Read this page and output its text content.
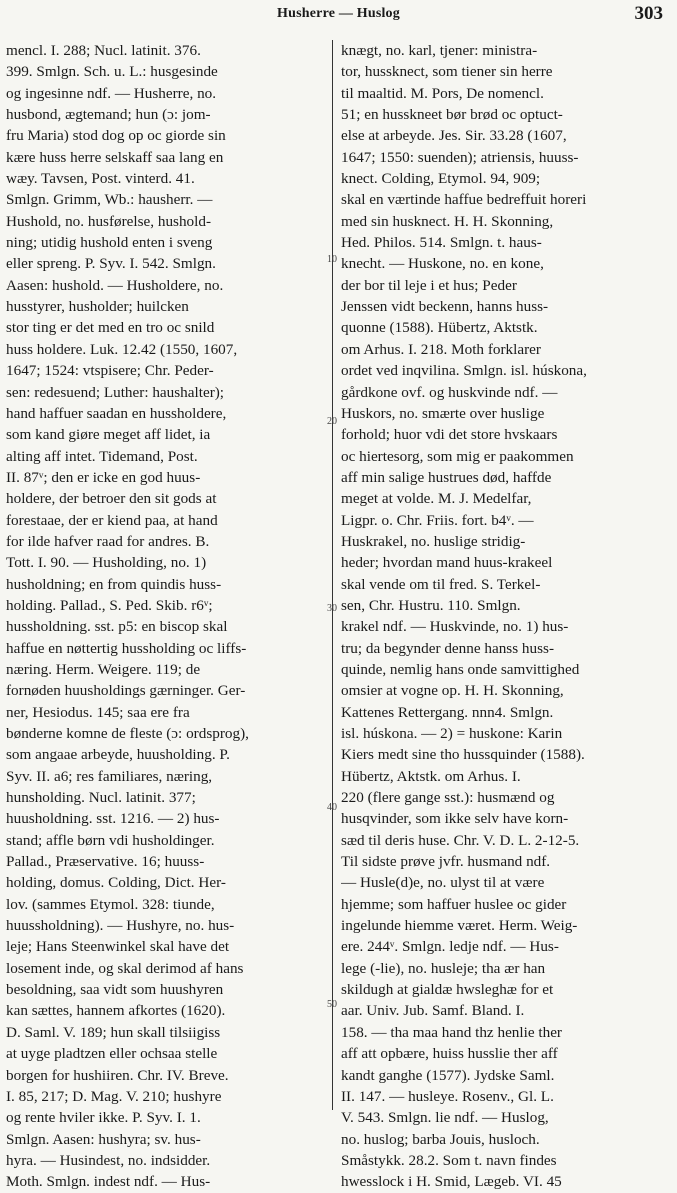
Husherre — Huslog	303
mencl. I. 288; Nucl. latinit. 376.
399. Smlgn. Sch. u. L.: husgesinde
og ingesinne ndf. — Husherre, no.
husbond, ægtemand; hun (ɔ: jom-
fru Maria) stod dog op oc giorde sin
kære huss herre selskaff saa lang en
wæy. Tavsen, Post. vinterd. 41.
Smlgn. Grimm, Wb.: hausherr. —
Hushold, no. husførelse, hushold-
ning; utidig hushold enten i sveng
eller spreng. P. Syv. I. 542. Smlgn.
Aasen: hushold. — Husholdere, no.
husstyrer, husholder; huilcken
stor ting er det med en tro oc snild
huss holdere. Luk. 12.42 (1550, 1607,
1647; 1524: vtspisere; Chr. Peder-
sen: redesuend; Luther: haushalter);
hand haffuer saadan en hussholdere,
som kand giøre meget aff lidet, ia
alting aff intet. Tidemand, Post.
II. 87ᵛ; den er icke en god huus-
holdere, der betroer den sit gods at
forestaae, der er kiend paa, at hand
for ilde hafver raad for andres. B.
Tott. I. 90. — Husholding, no. 1)
husholdning; en from quindis huss-
holding. Pallad., S. Ped. Skib. r6ᵛ;
hussholdning. sst. p5: en biscop skal
haffue en nøttertig hussholding oc liffs-
næring. Herm. Weigere. 119; de
fornøden huusholdings gærninger. Ger-
ner, Hesiodus. 145; saa ere fra
bønderne komne de fleste (ɔ: ordsprog),
som angaae arbeyde, huusholding. P.
Syv. II. a6; res familiares, næring,
hunsholding. Nucl. latinit. 377;
huusholdning. sst. 1216. — 2) hus-
stand; affle børn vdi husholdinger.
Pallad., Præservative. 16; huuss-
holding, domus. Colding, Dict. Her-
lov. (sammes Etymol. 328: tiunde,
huussholdning). — Hushyre, no. hus-
leje; Hans Steenwinkel skal have det
losement inde, og skal derimod af hans
besoldning, saa vidt som huushyren
kan sættes, hannem afkortes (1620).
D. Saml. V. 189; hun skall tilsiigiss
at uyge pladtzen eller ochsaa stelle
borgen for hushiiren. Chr. IV. Breve.
I. 85, 217; D. Mag. V. 210; hushyre
og rente hviler ikke. P. Syv. I. 1.
Smlgn. Aasen: hushyra; sv. hus-
hyra. — Husindest, no. indsidder.
Moth. Smlgn. indest ndf. — Hus-
knægt, no. karl, tjener: ministra-
tor, hussknect, som tiener sin herre
til maaltid. M. Pors, De nomencl.
51; en husskneet bør brød oc optuct-
else at arbeyde. Jes. Sir. 33.28 (1607,
1647; 1550: suenden); atriensis, huuss-
knect. Colding, Etymol. 94, 909;
skal en værtinde haffue bedreffuit horeri
med sin husknect. H. H. Skonning,
Hed. Philos. 514. Smlgn. t. haus-
knecht. — Huskone, no. en kone,
der bor til leje i et hus; Peder
Jenssen vidt beckenn, hanns huss-
quonne (1588). Hübertz, Aktstk.
om Arhus. I. 218. Moth forklarer
ordet ved inqvilina. Smlgn. isl. húskona,
gårdkone ovf. og huskvinde ndf. —
Huskors, no. smærte over huslige
forhold; huor vdi det store hvskaars
oc hiertesorg, som mig er paakommen
aff min salige hustrues død, haffde
meget at volde. M. J. Medelfar,
Ligpr. o. Chr. Friis. fort. b4ᵛ. —
Huskrakel, no. huslige stridig-
heder; hvordan mand huus-krakeel
skal vende om til fred. S. Terkel-
sen, Chr. Hustru. 110. Smlgn.
krakel ndf. — Huskvinde, no. 1) hus-
tru; da begynder denne hanss huss-
quinde, nemlig hans onde samvittighed
omsier at vogne op. H. H. Skonning,
Kattenes Rettergang. nnn4. Smlgn.
isl. húskona. — 2) = huskone: Karin
Kiers medt sine tho hussquinder (1588).
Hübertz, Aktstk. om Arhus. I.
220 (flere gange sst.): husmænd og
husqvinder, som ikke selv have korn-
sæd til deris huse. Chr. V. D. L. 2-12-5.
Til sidste prøve jvfr. husmand ndf.
— Husle(d)e, no. ulyst til at være
hjemme; som haffuer huslee oc gider
ingelunde hiemme været. Herm. Weig-
ere. 244ᵛ. Smlgn. ledje ndf. — Hus-
lege (-lie), no. husleje; tha ær han
skildugh at gialdæ hwsleghæ for et
aar. Univ. Jub. Samf. Bland. I.
158. — tha maa hand thz henlie ther
aff att opbære, huiss husslie ther aff
kandt ganghe (1577). Jydske Saml.
II. 147. — husleye. Rosenv., Gl. L.
V. 543. Smlgn. lie ndf. — Huslog,
no. huslog; barba Jouis, husloch.
Småstykk. 28.2. Som t. navn findes
hwesslock i H. Smid, Lægeb. VI. 45
10
20
30
40
50
